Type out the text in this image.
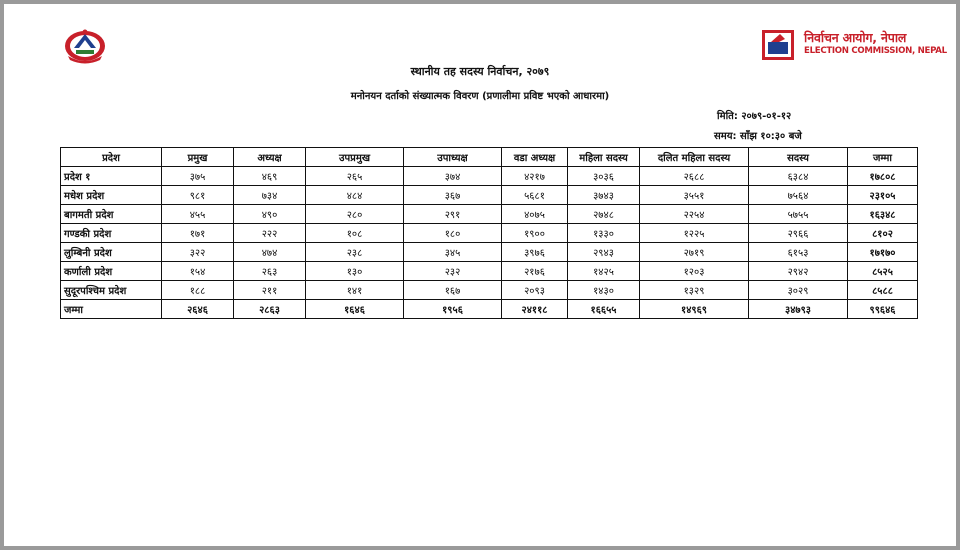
निर्वाचन आयोग, नेपाल
ELECTION COMMISSION, NEPAL
स्थानीय तह सदस्य निर्वाचन, २०७९
मनोनयन दर्ताको संख्यात्मक विवरण (प्रणालीमा प्रविष्ट भएको आधारमा)
मिति: २०७९-०१-१२
समय: साँझ १०:३० बजे
प्रदेश	प्रमुख	अध्यक्ष	उपप्रमुख	उपाध्यक्ष	वडा अध्यक्ष	महिला सदस्य	दलित महिला सदस्य	सदस्य	जम्मा
प्रदेश १	३७५	४६९	२६५	३७४	४२१७	३०३६	२६८८	६३८४	१७८०८
मधेश प्रदेश	९८१	७३४	४८४	३६७	५६८१	३७४३	३५५१	७५६४	२३१०५
बागमती प्रदेश	४५५	४९०	२८०	२९१	४०७५	२७४८	२२५४	५७५५	१६३४८
गण्डकी प्रदेश	१७१	२२२	१०८	१८०	१९००	१३३०	१२२५	२९६६	८१०२
लुम्बिनी प्रदेश	३२२	४७४	२३८	३४५	३९७६	२९४३	२७१९	६१५३	१७१७०
कर्णाली प्रदेश	१५४	२६३	१३०	२३२	२१७६	१४२५	१२०३	२९४२	८५२५
सुदूरपश्चिम प्रदेश	१८८	२११	१४१	१६७	२०९३	१४३०	१३२९	३०२९	८५८८
जम्मा	२६४६	२८६३	१६४६	१९५६	२४११८	१६६५५	१४९६९	३४७९३	९९६४६
